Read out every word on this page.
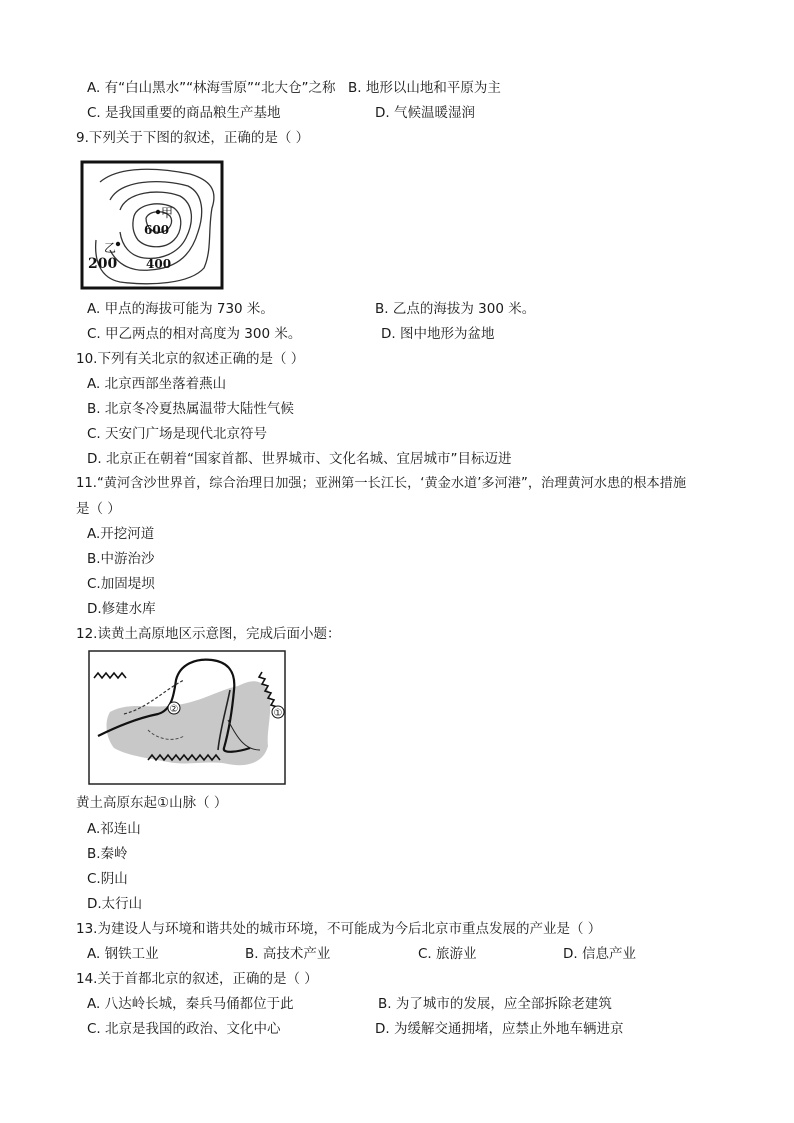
A. 有“白山黑水”“林海雪原”“北大仓”之称 B. 地形以山地和平原为主
C. 是我国重要的商品粮生产基地	D. 气候温暖湿润
9.下列关于下图的叙述，正确的是（ ）
甲
600
乙
400
200
A. 甲点的海拔可能为 730 米。	B. 乙点的海拔为 300 米。
C. 甲乙两点的相对高度为 300 米。	D. 图中地形为盆地
10.下列有关北京的叙述正确的是（ ）
A. 北京西部坐落着燕山
B. 北京冬冷夏热属温带大陆性气候
C. 天安门广场是现代北京符号
D. 北京正在朝着“国家首都、世界城市、文化名城、宜居城市”目标迈进
11.“黄河含沙世界首，综合治理日加强；亚洲第一长江长，‘黄金水道’多河港”，治理黄河水患的根本措施
是（ ）
A.开挖河道
B.中游治沙
C.加固堤坝
D.修建水库
12.读黄土高原地区示意图，完成后面小题：
②	①
黄土高原东起①山脉（ ）
A.祁连山
B.秦岭
C.阴山
D.太行山
13.为建设人与环境和谐共处的城市环境，不可能成为今后北京市重点发展的产业是（ ）
A. 钢铁工业	B. 高技术产业	C. 旅游业	D. 信息产业
14.关于首都北京的叙述，正确的是（ ）
A. 八达岭长城，秦兵马俑都位于此	B. 为了城市的发展，应全部拆除老建筑
C. 北京是我国的政治、文化中心	D. 为缓解交通拥堵，应禁止外地车辆进京
